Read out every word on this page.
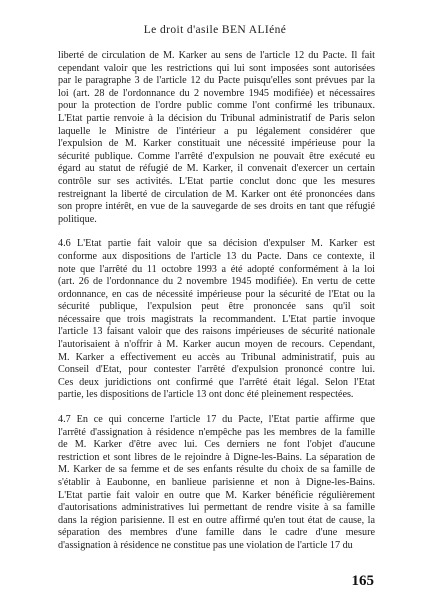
Le droit d'asile BEN ALIéné

liberté de circulation de M. Karker au sens de l'article 12 du Pacte. Il fait
cependant valoir que les restrictions qui lui sont imposées sont autorisées
par le paragraphe 3 de l'article 12 du Pacte puisqu'elles sont prévues par la
loi (art. 28 de l'ordonnance du 2 novembre 1945 modifiée) et nécessaires
pour la protection de l'ordre public comme l'ont confirmé les tribunaux.
L'Etat partie renvoie à la décision du Tribunal administratif de Paris selon
laquelle le Ministre de l'intérieur a pu légalement considérer que
l'expulsion de M. Karker constituait une nécessité impérieuse pour la
sécurité publique. Comme l'arrêté d'expulsion ne pouvait être exécuté eu
égard au statut de réfugié de M. Karker, il convenait d'exercer un certain
contrôle sur ses activités. L'Etat partie conclut donc que les mesures
restreignant la liberté de circulation de M. Karker ont été prononcées dans
son propre intérêt, en vue de la sauvegarde de ses droits en tant que réfugié
politique.

4.6 L'Etat partie fait valoir que sa décision d'expulser M. Karker est
conforme aux dispositions de l'article 13 du Pacte. Dans ce contexte, il
note que l'arrêté du 11 octobre 1993 a été adopté conformément à la loi
(art. 26 de l'ordonnance du 2 novembre 1945 modifiée). En vertu de cette
ordonnance, en cas de nécessité impérieuse pour la sécurité de l'Etat ou la
sécurité publique, l'expulsion peut être prononcée sans qu'il soit
nécessaire que trois magistrats la recommandent. L'Etat partie invoque
l'article 13 faisant valoir que des raisons impérieuses de sécurité nationale
l'autorisaient à n'offrir à M. Karker aucun moyen de recours. Cependant,
M. Karker a effectivement eu accès au Tribunal administratif, puis au
Conseil d'Etat, pour contester l'arrêté d'expulsion prononcé contre lui.
Ces deux juridictions ont confirmé que l'arrêté était légal. Selon l'Etat
partie, les dispositions de l'article 13 ont donc été pleinement respectées.

4.7 En ce qui concerne l'article 17 du Pacte, l'Etat partie affirme que
l'arrêté d'assignation à résidence n'empêche pas les membres de la famille
de M. Karker d'être avec lui. Ces derniers ne font l'objet d'aucune
restriction et sont libres de le rejoindre à Digne-les-Bains. La séparation de
M. Karker de sa femme et de ses enfants résulte du choix de sa famille de
s'établir à Eaubonne, en banlieue parisienne et non à Digne-les-Bains.
L'Etat partie fait valoir en outre que M. Karker bénéficie régulièrement
d'autorisations administratives lui permettant de rendre visite à sa famille
dans la région parisienne. Il est en outre affirmé qu'en tout état de cause, la
séparation des membres d'une famille dans le cadre d'une mesure
d'assignation à résidence ne constitue pas une violation de l'article 17 du

165
